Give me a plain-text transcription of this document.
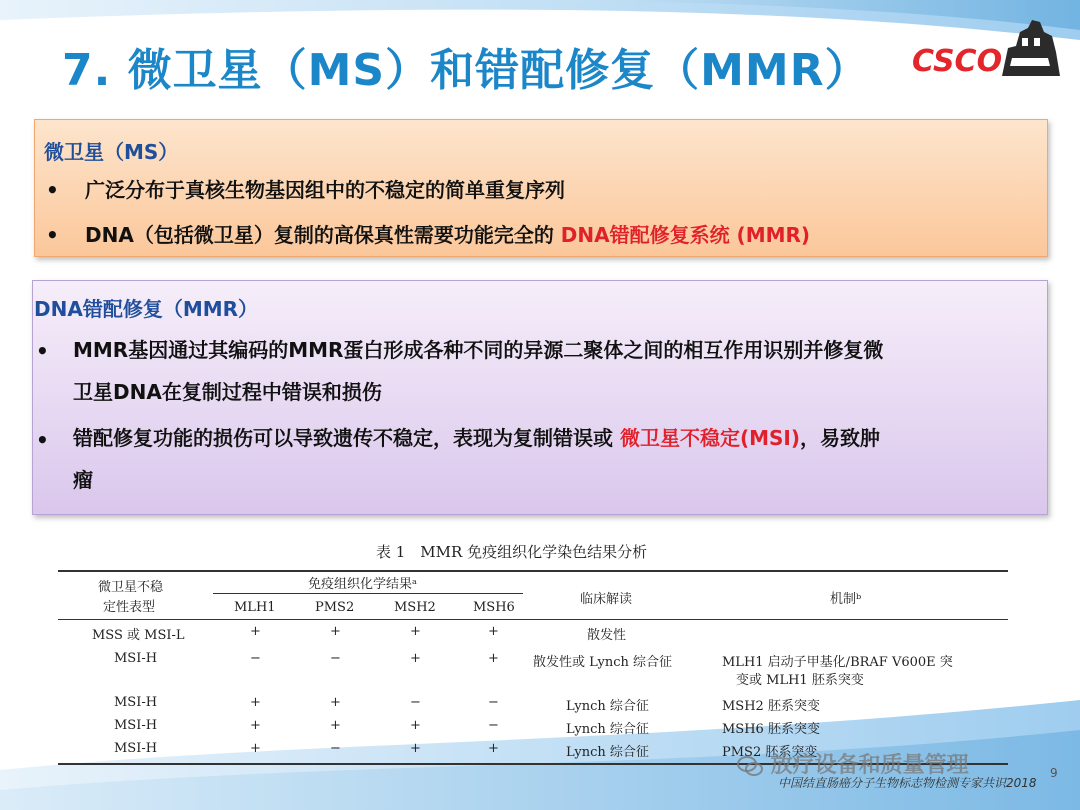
7. 微卫星（MS）和错配修复（MMR） CSCO
微卫星（MS）
• 广泛分布于真核生物基因组中的不稳定的简单重复序列
• DNA（包括微卫星）复制的高保真性需要功能完全的 DNA错配修复系统 (MMR)
DNA错配修复（MMR）
• MMR基因通过其编码的MMR蛋白形成各种不同的异源二聚体之间的相互作用识别并修复微
卫星DNA在复制过程中错误和损伤
• 错配修复功能的损伤可以导致遗传不稳定，表现为复制错误或 微卫星不稳定(MSI)，易致肿
瘤
表 1　MMR 免疫组织化学染色结果分析
微卫星不稳
定性表型
免疫组织化学结果ᵃ
MLH1	PMS2	MSH2	MSH6
临床解读	机制ᵇ
MSS 或 MSI-L	+	+	+	+	散发性
MSI-H	−	−	+	+	散发性或 Lynch 综合征	MLH1 启动子甲基化/BRAF V600E 突
变或 MLH1 胚系突变
MSI-H	+	+	−	−	Lynch 综合征	MSH2 胚系突变
MSI-H	+	+	+	−	Lynch 综合征	MSH6 胚系突变
MSI-H	+	−	+	+	Lynch 综合征	PMS2 胚系突变
放疗设备和质量管理
中国结直肠癌分子生物标志物检测专家共识2018
9
